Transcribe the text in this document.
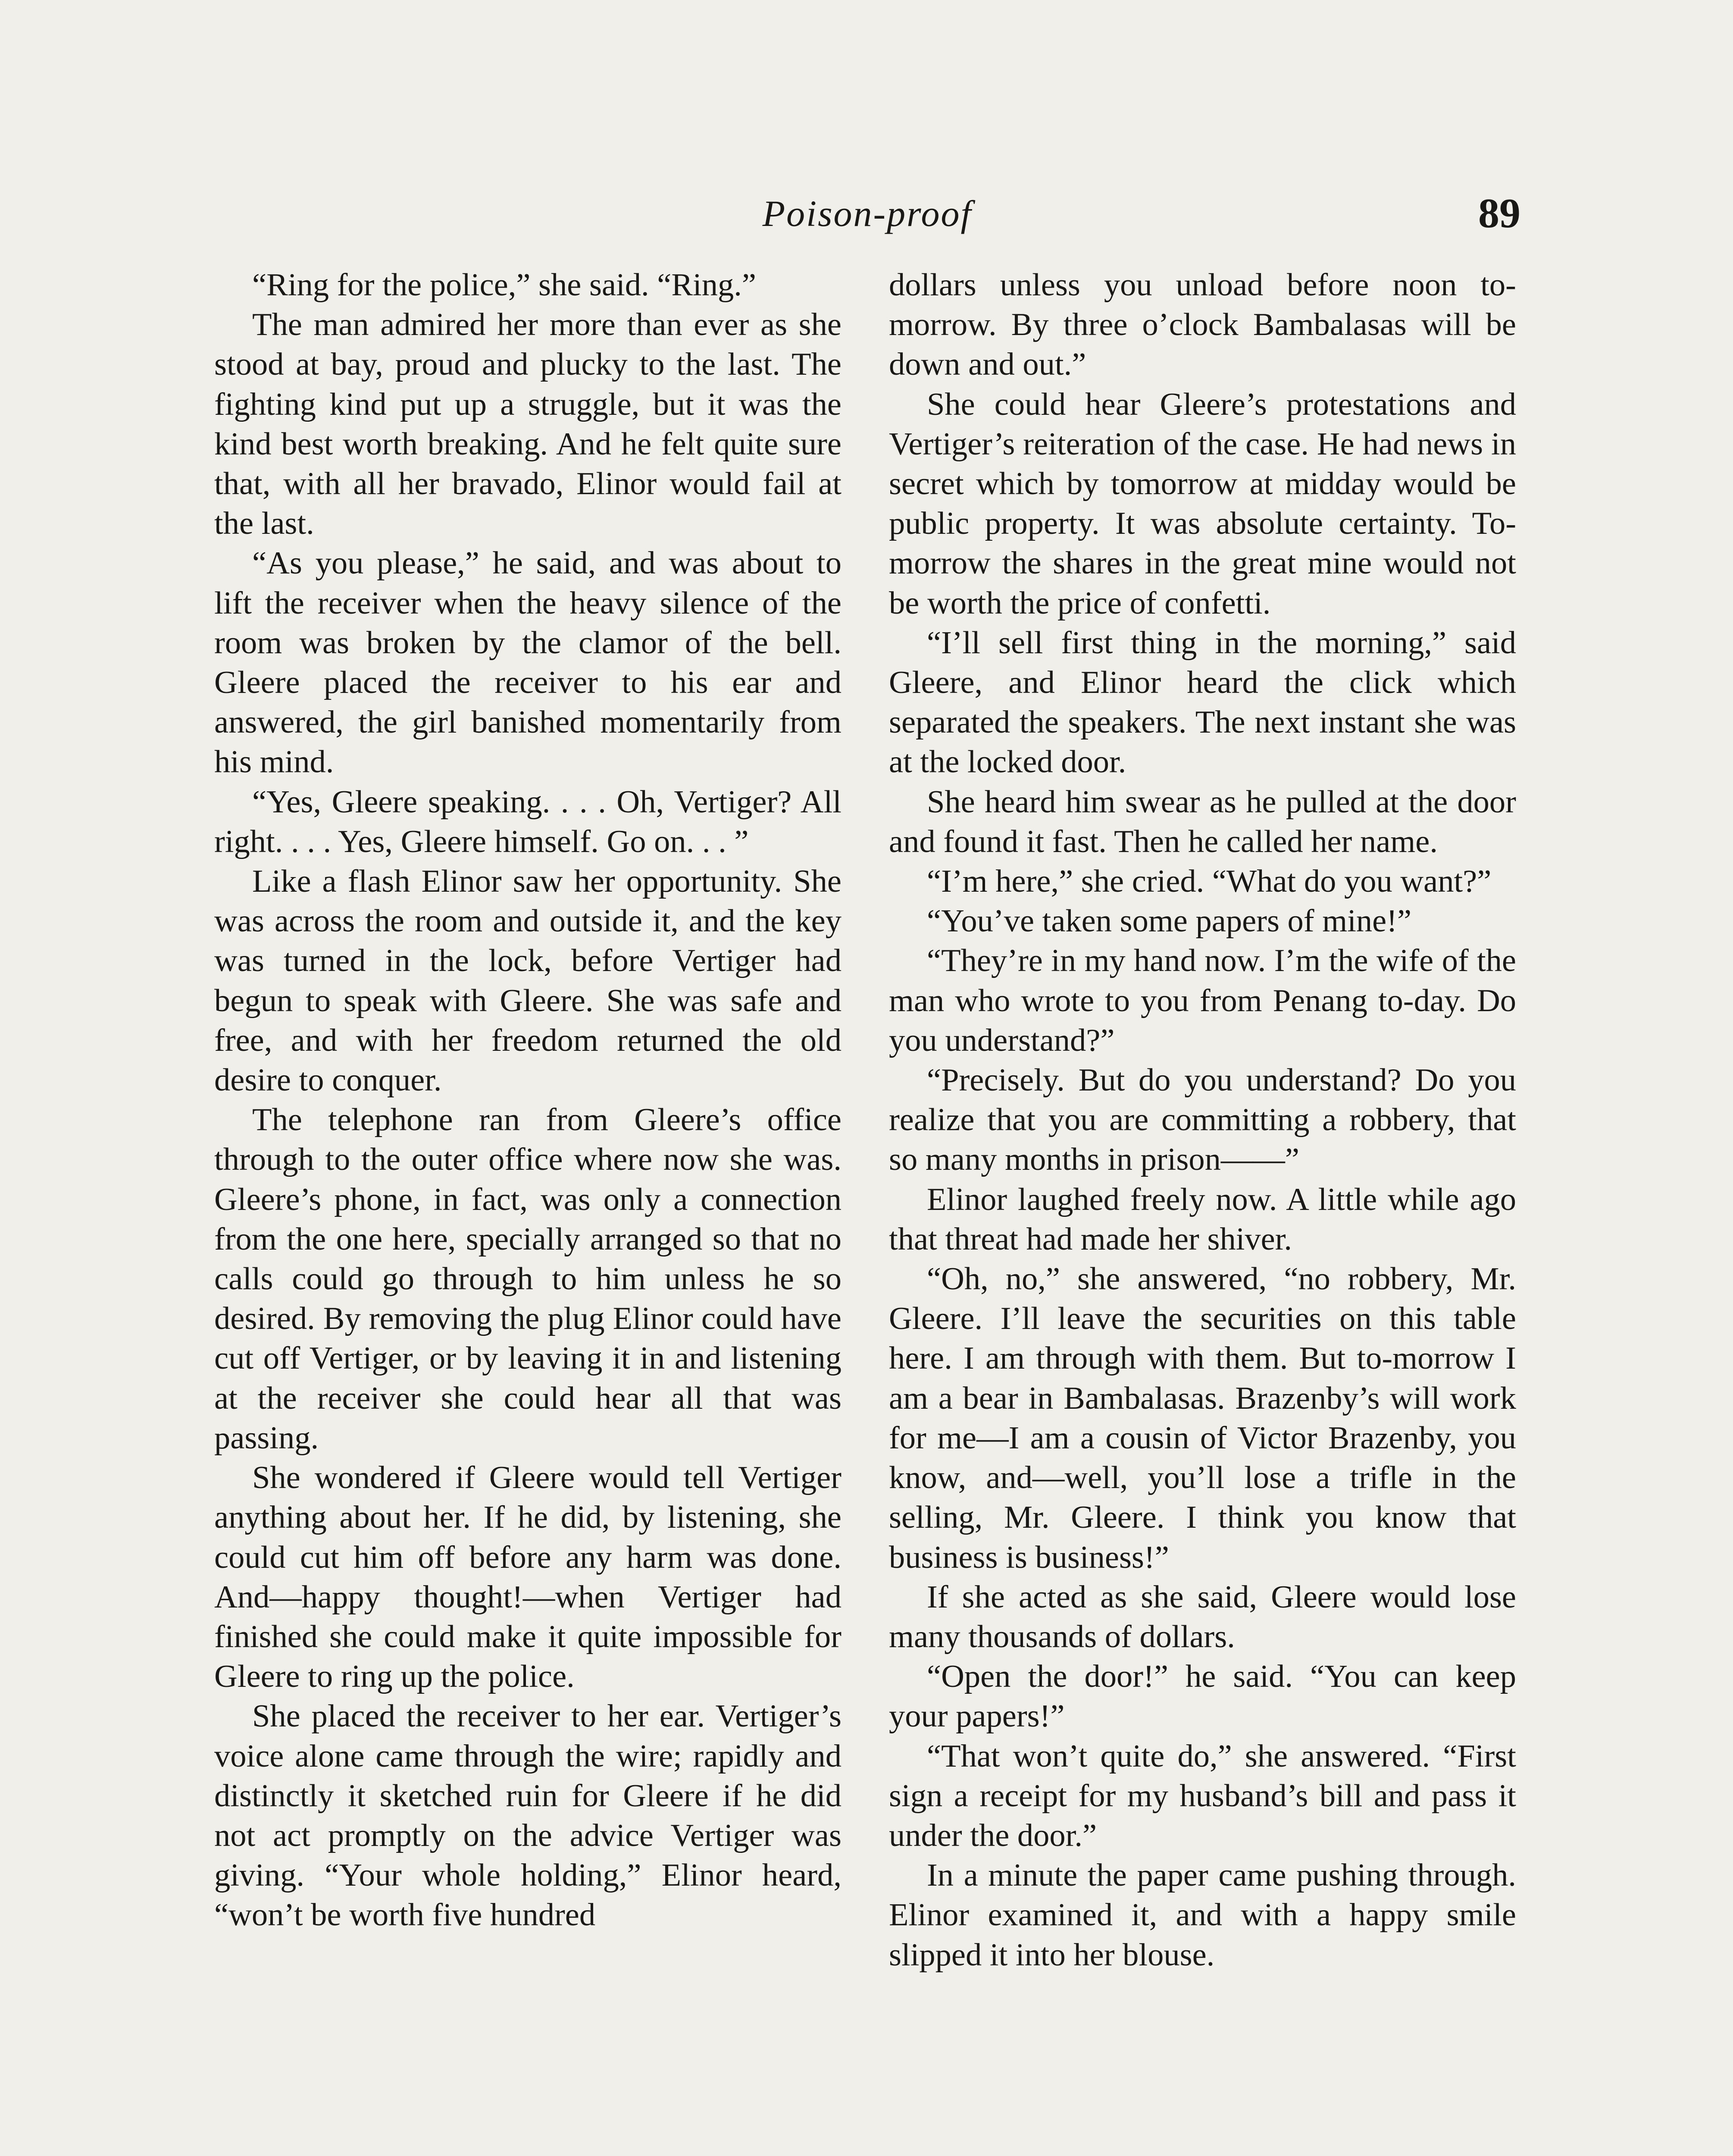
Poison-proof	89

“Ring for the police,” she said. “Ring.”

The man admired her more than ever as she stood at bay, proud and plucky to the last. The fighting kind put up a struggle, but it was the kind best worth breaking. And he felt quite sure that, with all her bravado, Elinor would fail at the last.

“As you please,” he said, and was about to lift the receiver when the heavy silence of the room was broken by the clamor of the bell. Gleere placed the receiver to his ear and answered, the girl banished momentarily from his mind.

“Yes, Gleere speaking. . . . Oh, Vertiger? All right. . . . Yes, Gleere himself. Go on. . . ”

Like a flash Elinor saw her opportunity. She was across the room and outside it, and the key was turned in the lock, before Vertiger had begun to speak with Gleere. She was safe and free, and with her freedom returned the old desire to conquer.

The telephone ran from Gleere’s office through to the outer office where now she was. Gleere’s phone, in fact, was only a connection from the one here, specially arranged so that no calls could go through to him unless he so desired. By removing the plug Elinor could have cut off Vertiger, or by leaving it in and listening at the receiver she could hear all that was passing.

She wondered if Gleere would tell Vertiger anything about her. If he did, by listening, she could cut him off before any harm was done. And—happy thought!—when Vertiger had finished she could make it quite impossible for Gleere to ring up the police.

She placed the receiver to her ear. Vertiger’s voice alone came through the wire; rapidly and distinctly it sketched ruin for Gleere if he did not act promptly on the advice Vertiger was giving. “Your whole holding,” Elinor heard, “won’t be worth five hundred

dollars unless you unload before noon to-morrow. By three o’clock Bambalasas will be down and out.”

She could hear Gleere’s protestations and Vertiger’s reiteration of the case. He had news in secret which by tomorrow at midday would be public property. It was absolute certainty. To-morrow the shares in the great mine would not be worth the price of confetti.

“I’ll sell first thing in the morning,” said Gleere, and Elinor heard the click which separated the speakers. The next instant she was at the locked door.

She heard him swear as he pulled at the door and found it fast. Then he called her name.

“I’m here,” she cried. “What do you want?”

“You’ve taken some papers of mine!”

“They’re in my hand now. I’m the wife of the man who wrote to you from Penang to-day. Do you understand?”

“Precisely. But do you understand? Do you realize that you are committing a robbery, that so many months in prison——”

Elinor laughed freely now. A little while ago that threat had made her shiver.

“Oh, no,” she answered, “no robbery, Mr. Gleere. I’ll leave the securities on this table here. I am through with them. But to-morrow I am a bear in Bambalasas. Brazenby’s will work for me—I am a cousin of Victor Brazenby, you know, and—well, you’ll lose a trifle in the selling, Mr. Gleere. I think you know that business is business!”

If she acted as she said, Gleere would lose many thousands of dollars.

“Open the door!” he said. “You can keep your papers!”

“That won’t quite do,” she answered. “First sign a receipt for my husband’s bill and pass it under the door.”

In a minute the paper came pushing through. Elinor examined it, and with a happy smile slipped it into her blouse.
